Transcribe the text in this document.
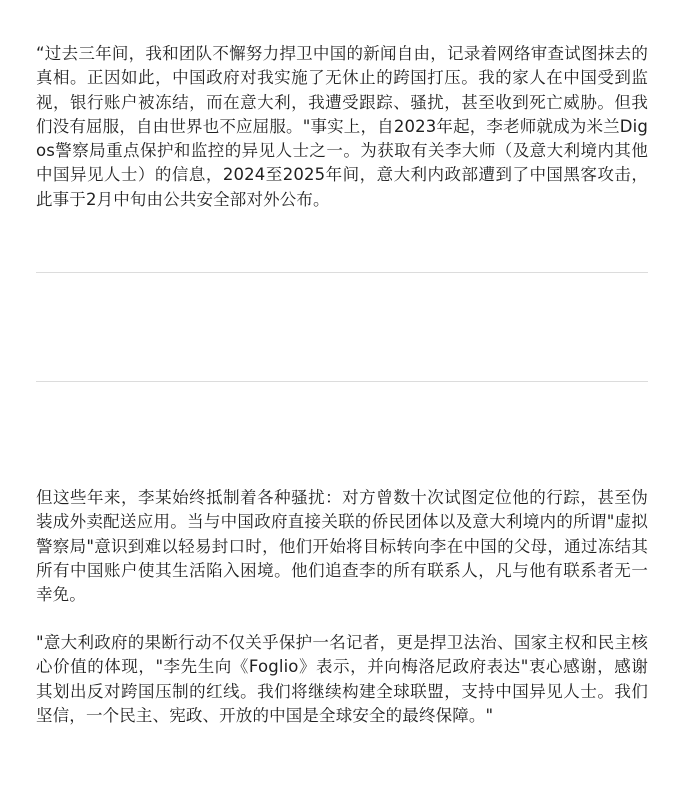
“过去三年间，我和团队不懈努力捍卫中国的新闻自由，记录着网络审查试图抹去的真相。正因如此，中国政府对我实施了无休止的跨国打压。我的家人在中国受到监视，银行账户被冻结，而在意大利，我遭受跟踪、骚扰，甚至收到死亡威胁。但我们没有屈服，自由世界也不应屈服。"事实上，自2023年起，李老师就成为米兰Digos警察局重点保护和监控的异见人士之一。为获取有关李大师（及意大利境内其他中国异见人士）的信息，2024至2025年间，意大利内政部遭到了中国黑客攻击，此事于2月中旬由公共安全部对外公布。

但这些年来，李某始终抵制着各种骚扰：对方曾数十次试图定位他的行踪，甚至伪装成外卖配送应用。当与中国政府直接关联的侨民团体以及意大利境内的所谓"虚拟警察局"意识到难以轻易封口时，他们开始将目标转向李在中国的父母，通过冻结其所有中国账户使其生活陷入困境。他们追查李的所有联系人，凡与他有联系者无一幸免。

"意大利政府的果断行动不仅关乎保护一名记者，更是捍卫法治、国家主权和民主核心价值的体现，"李先生向《Foglio》表示，并向梅洛尼政府表达"衷心感谢，感谢其划出反对跨国压制的红线。我们将继续构建全球联盟，支持中国异见人士。我们坚信，一个民主、宪政、开放的中国是全球安全的最终保障。"
